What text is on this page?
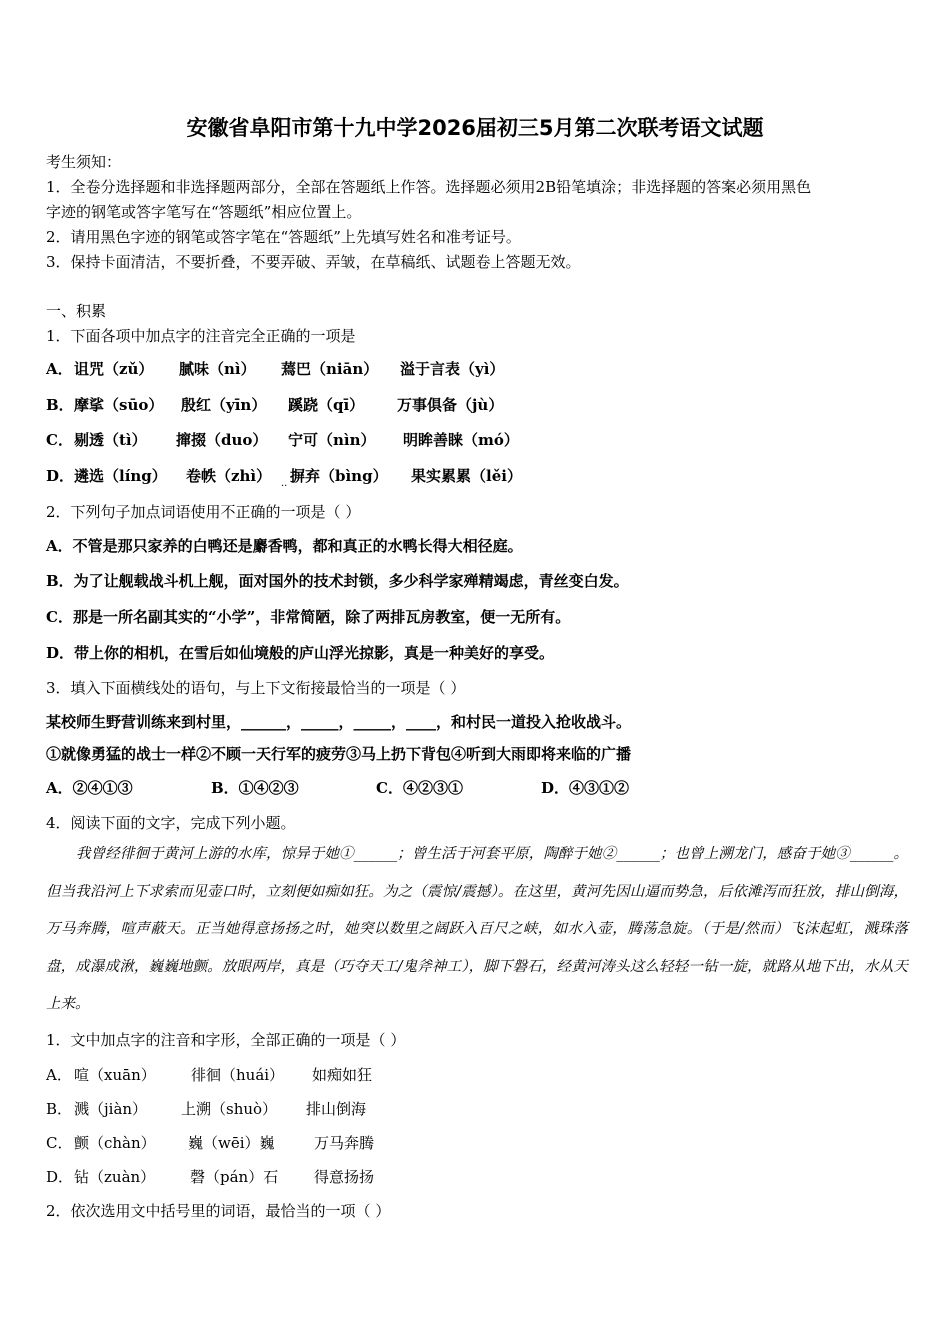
安徽省阜阳市第十九中学2026届初三5月第二次联考语文试题
考生须知：
1．全卷分选择题和非选择题两部分，全部在答题纸上作答。选择题必须用2B铅笔填涂；非选择题的答案必须用黑色
字迹的钢笔或答字笔写在“答题纸”相应位置上。
2．请用黑色字迹的钢笔或答字笔在“答题纸”上先填写姓名和准考证号。
3．保持卡面清洁，不要折叠，不要弄破、弄皱，在草稿纸、试题卷上答题无效。
一、积累
1．下面各项中加点字的注音完全正确的一项是
A． 诅咒（zǔ） 腻味（nì） 蔫巴（niān） 溢于言表（yì）
B． 摩挲（sūo） 殷红（yīn） 蹊跷（qī） 万事俱备（jù）
C． 剔透（tì） 撺掇（duo） 宁可（nìn） 明眸善睐（mó）
D． 遴选（líng） 卷帙（zhì） 摒弃（bìng） 果实累累（lěi）
··
2．下列句子加点词语使用不正确的一项是（ ）
A．不管是那只家养的白鸭还是麝香鸭，都和真正的水鸭长得大相径庭。
B．为了让舰载战斗机上舰，面对国外的技术封锁，多少科学家殚精竭虑，青丝变白发。
C．那是一所名副其实的“小学”，非常简陋，除了两排瓦房教室，便一无所有。
D．带上你的相机，在雪后如仙境般的庐山浮光掠影，真是一种美好的享受。
3．填入下面横线处的语句，与上下文衔接最恰当的一项是（ ）
某校师生野营训练来到村里，______，_____，_____，____，和村民一道投入抢收战斗。
①就像勇猛的战士一样②不顾一天行军的疲劳③马上扔下背包④听到大雨即将来临的广播
A．②④①③	B．①④②③	C．④②③①	D．④③①②
4．阅读下面的文字，完成下列小题。
我曾经徘徊于黄河上游的水库，惊异于她①______；曾生活于河套平原，陶醉于她②______；也曾上溯龙门，感奋于她③______。但当我沿河上下求索而见壶口时，立刻便如痴如狂。为之（震惊/震撼）。在这里，黄河先因山逼而势急，后依滩泻而狂放，排山倒海，万马奔腾，喧声蔽天。正当她得意扬扬之时，她突以数里之阔跃入百尺之峡，如水入壶，腾荡急旋。（于是/然而）飞沫起虹，溅珠落盘，成瀑成湫，巍巍地颤。放眼两岸，真是（巧夺天工/鬼斧神工），脚下磐石，经黄河涛头这么轻轻一钻一旋，就路从地下出，水从天上来。
1．文中加点字的注音和字形，全部正确的一项是（ ）
A． 喧（xuān） 徘徊（huái） 如痴如狂
B． 溅（jiàn） 上溯（shuò） 排山倒海
C． 颤（chàn） 巍（wēi）巍	万马奔腾
D． 钻（zuàn） 磬（pán）石 得意扬扬
2．依次选用文中括号里的词语，最恰当的一项（ ）
